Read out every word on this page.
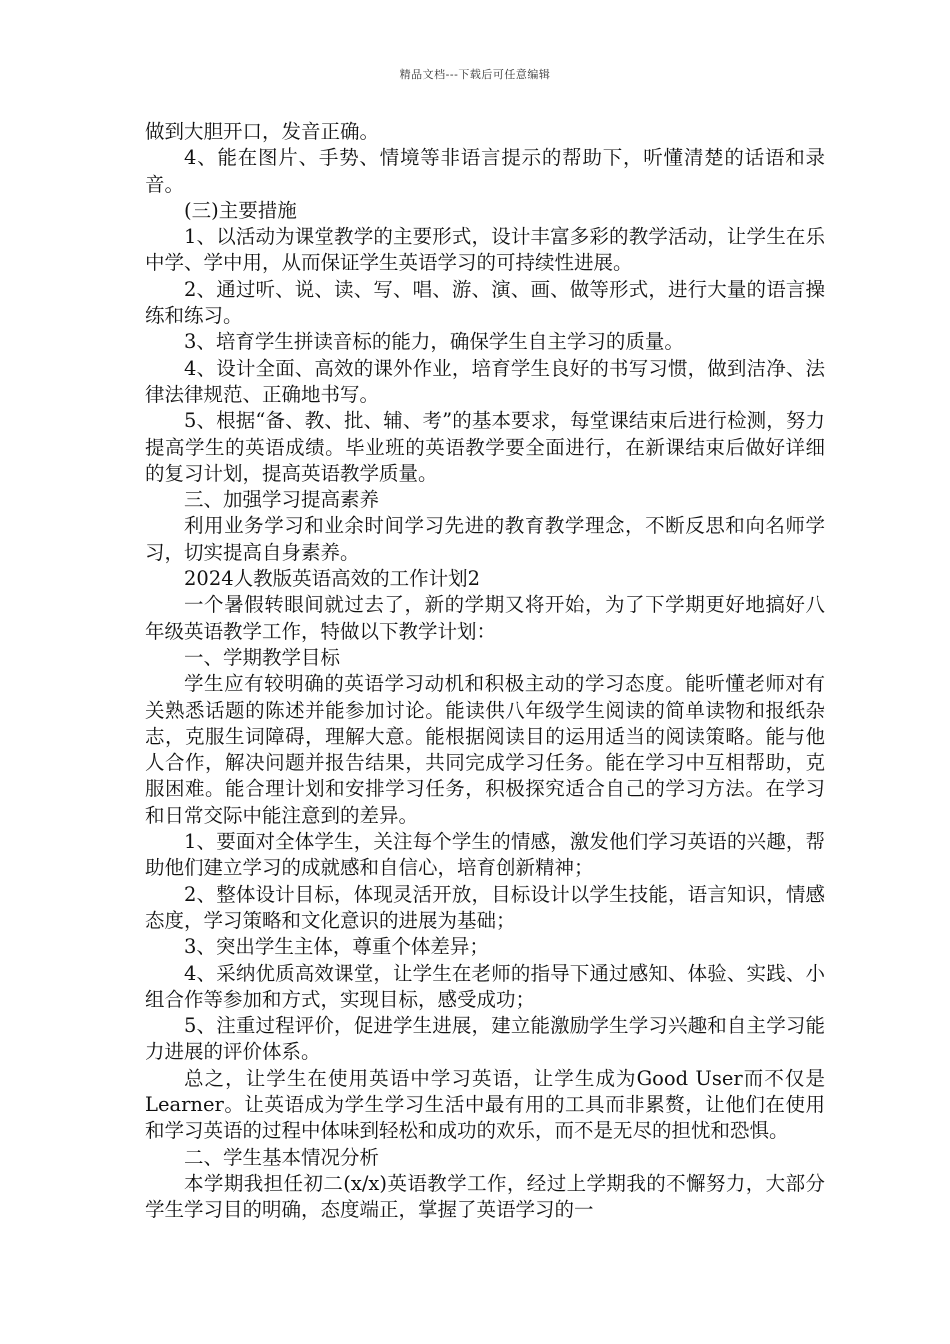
精品文档---下载后可任意编辑

做到大胆开口，发音正确。

4、能在图片、手势、情境等非语言提示的帮助下，听懂清楚的话语和录音。

(三)主要措施

1、以活动为课堂教学的主要形式，设计丰富多彩的教学活动，让学生在乐中学、学中用，从而保证学生英语学习的可持续性进展。

2、通过听、说、读、写、唱、游、演、画、做等形式，进行大量的语言操练和练习。

3、培育学生拼读音标的能力，确保学生自主学习的质量。

4、设计全面、高效的课外作业，培育学生良好的书写习惯，做到洁净、法律法律规范、正确地书写。

5、根据“备、教、批、辅、考”的基本要求，每堂课结束后进行检测，努力提高学生的英语成绩。毕业班的英语教学要全面进行，在新课结束后做好详细的复习计划，提高英语教学质量。

三、加强学习提高素养

利用业务学习和业余时间学习先进的教育教学理念，不断反思和向名师学习，切实提高自身素养。

2024人教版英语高效的工作计划2

一个暑假转眼间就过去了，新的学期又将开始，为了下学期更好地搞好八年级英语教学工作，特做以下教学计划：

一、学期教学目标

学生应有较明确的英语学习动机和积极主动的学习态度。能听懂老师对有关熟悉话题的陈述并能参加讨论。能读供八年级学生阅读的简单读物和报纸杂志，克服生词障碍，理解大意。能根据阅读目的运用适当的阅读策略。能与他人合作，解决问题并报告结果，共同完成学习任务。能在学习中互相帮助，克服困难。能合理计划和安排学习任务，积极探究适合自己的学习方法。在学习和日常交际中能注意到的差异。

1、要面对全体学生，关注每个学生的情感，激发他们学习英语的兴趣，帮助他们建立学习的成就感和自信心，培育创新精神；

2、整体设计目标，体现灵活开放，目标设计以学生技能，语言知识，情感态度，学习策略和文化意识的进展为基础；

3、突出学生主体，尊重个体差异；

4、采纳优质高效课堂，让学生在老师的指导下通过感知、体验、实践、小组合作等参加和方式，实现目标，感受成功；

5、注重过程评价，促进学生进展，建立能激励学生学习兴趣和自主学习能力进展的评价体系。

总之，让学生在使用英语中学习英语，让学生成为Good User而不仅是Learner。让英语成为学生学习生活中最有用的工具而非累赘，让他们在使用和学习英语的过程中体味到轻松和成功的欢乐，而不是无尽的担忧和恐惧。

二、学生基本情况分析

本学期我担任初二(x/x)英语教学工作，经过上学期我的不懈努力，大部分学生学习目的明确，态度端正，掌握了英语学习的一
